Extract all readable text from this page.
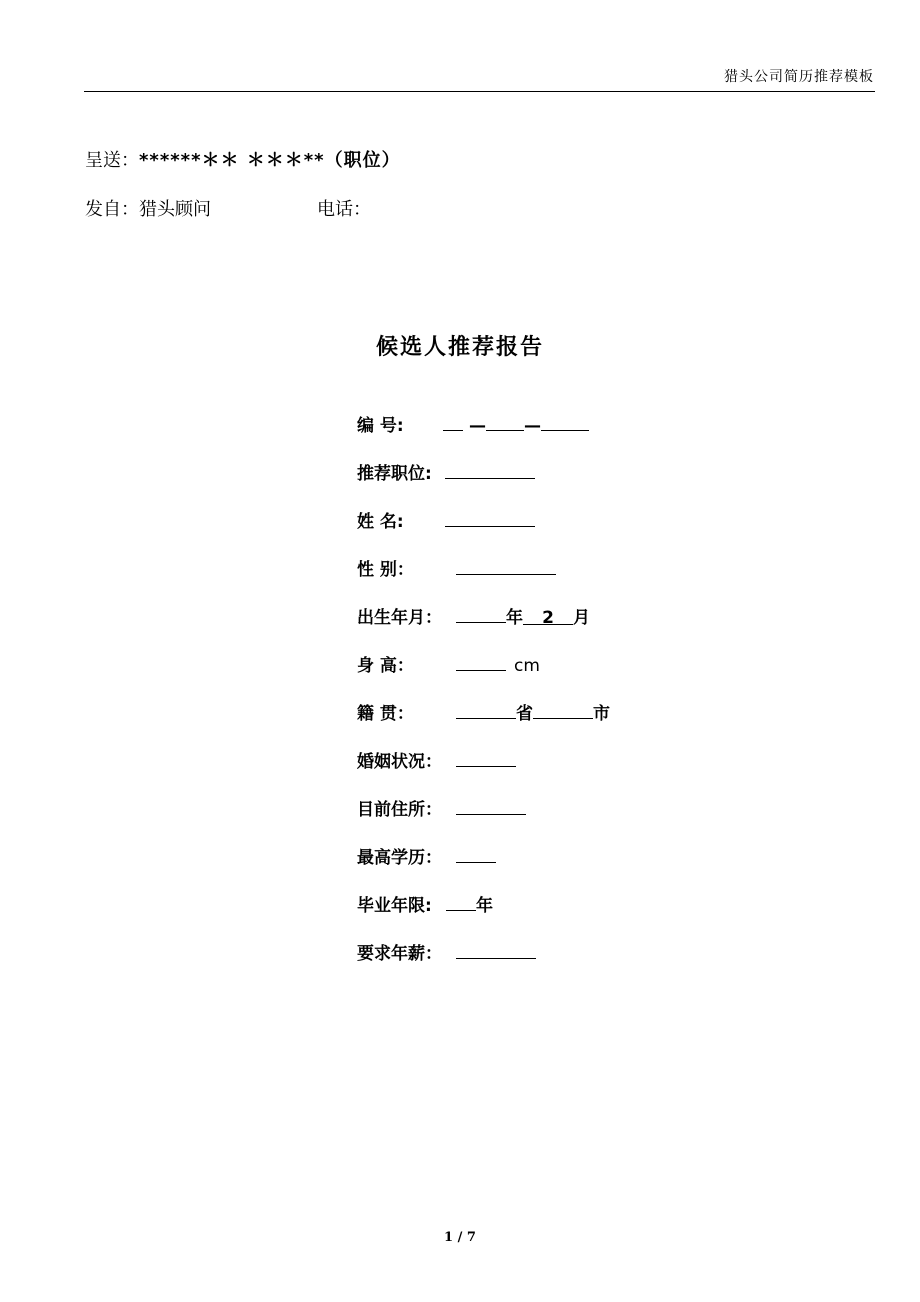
猎头公司简历推荐模板
呈送：******＊＊ ＊＊＊**（职位）
发自：猎头顾问	电话：
候选人推荐报告
编 号:	— —
推荐职位:
姓 名:
性 别：
出生年月：	年 2 月
身 高：	cm
籍 贯：	省	市
婚姻状况：
目前住所：
最高学历：
毕业年限:	年
要求年薪：
1 / 7
